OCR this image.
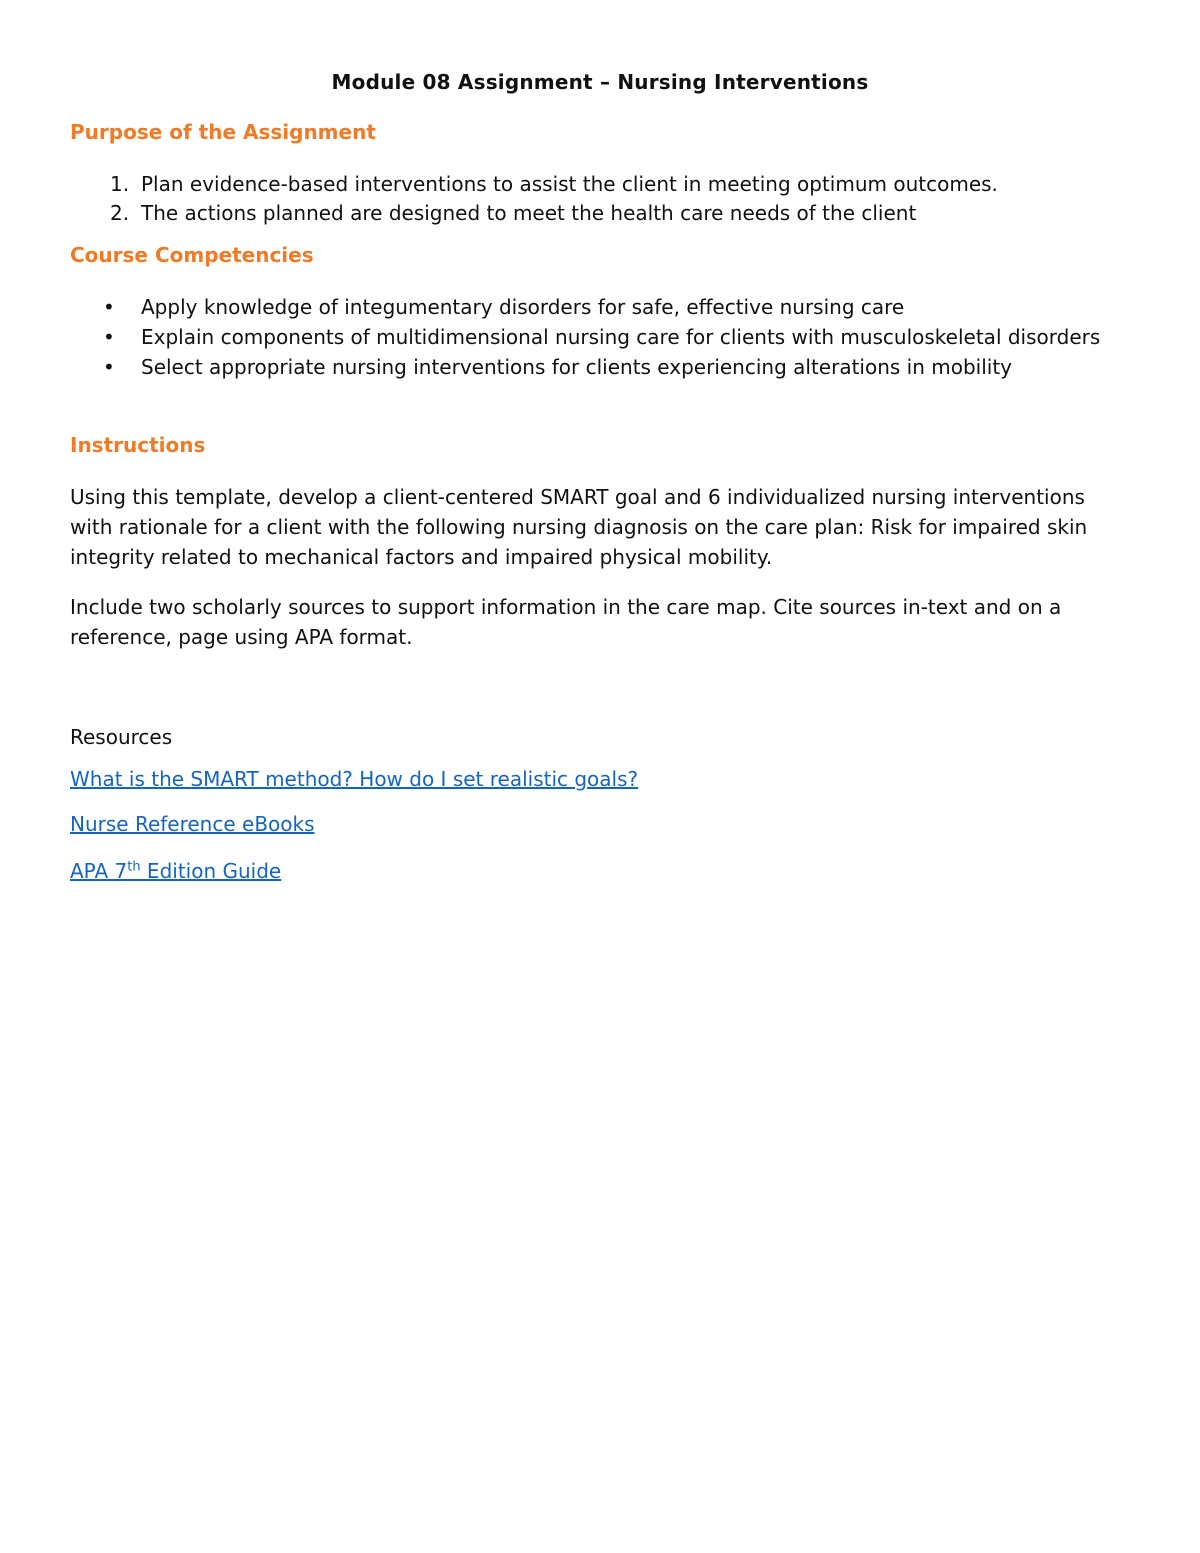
Module 08 Assignment – Nursing Interventions
Purpose of the Assignment
1. Plan evidence-based interventions to assist the client in meeting optimum outcomes.
2. The actions planned are designed to meet the health care needs of the client
Course Competencies
• Apply knowledge of integumentary disorders for safe, effective nursing care
• Explain components of multidimensional nursing care for clients with musculoskeletal disorders
• Select appropriate nursing interventions for clients experiencing alterations in mobility
Instructions

Using this template, develop a client-centered SMART goal and 6 individualized nursing interventions with rationale for a client with the following nursing diagnosis on the care plan: Risk for impaired skin integrity related to mechanical factors and impaired physical mobility.

Include two scholarly sources to support information in the care map. Cite sources in-text and on a reference, page using APA format.

Resources

What is the SMART method? How do I set realistic goals?
Nurse Reference eBooks
APA 7th Edition Guide
